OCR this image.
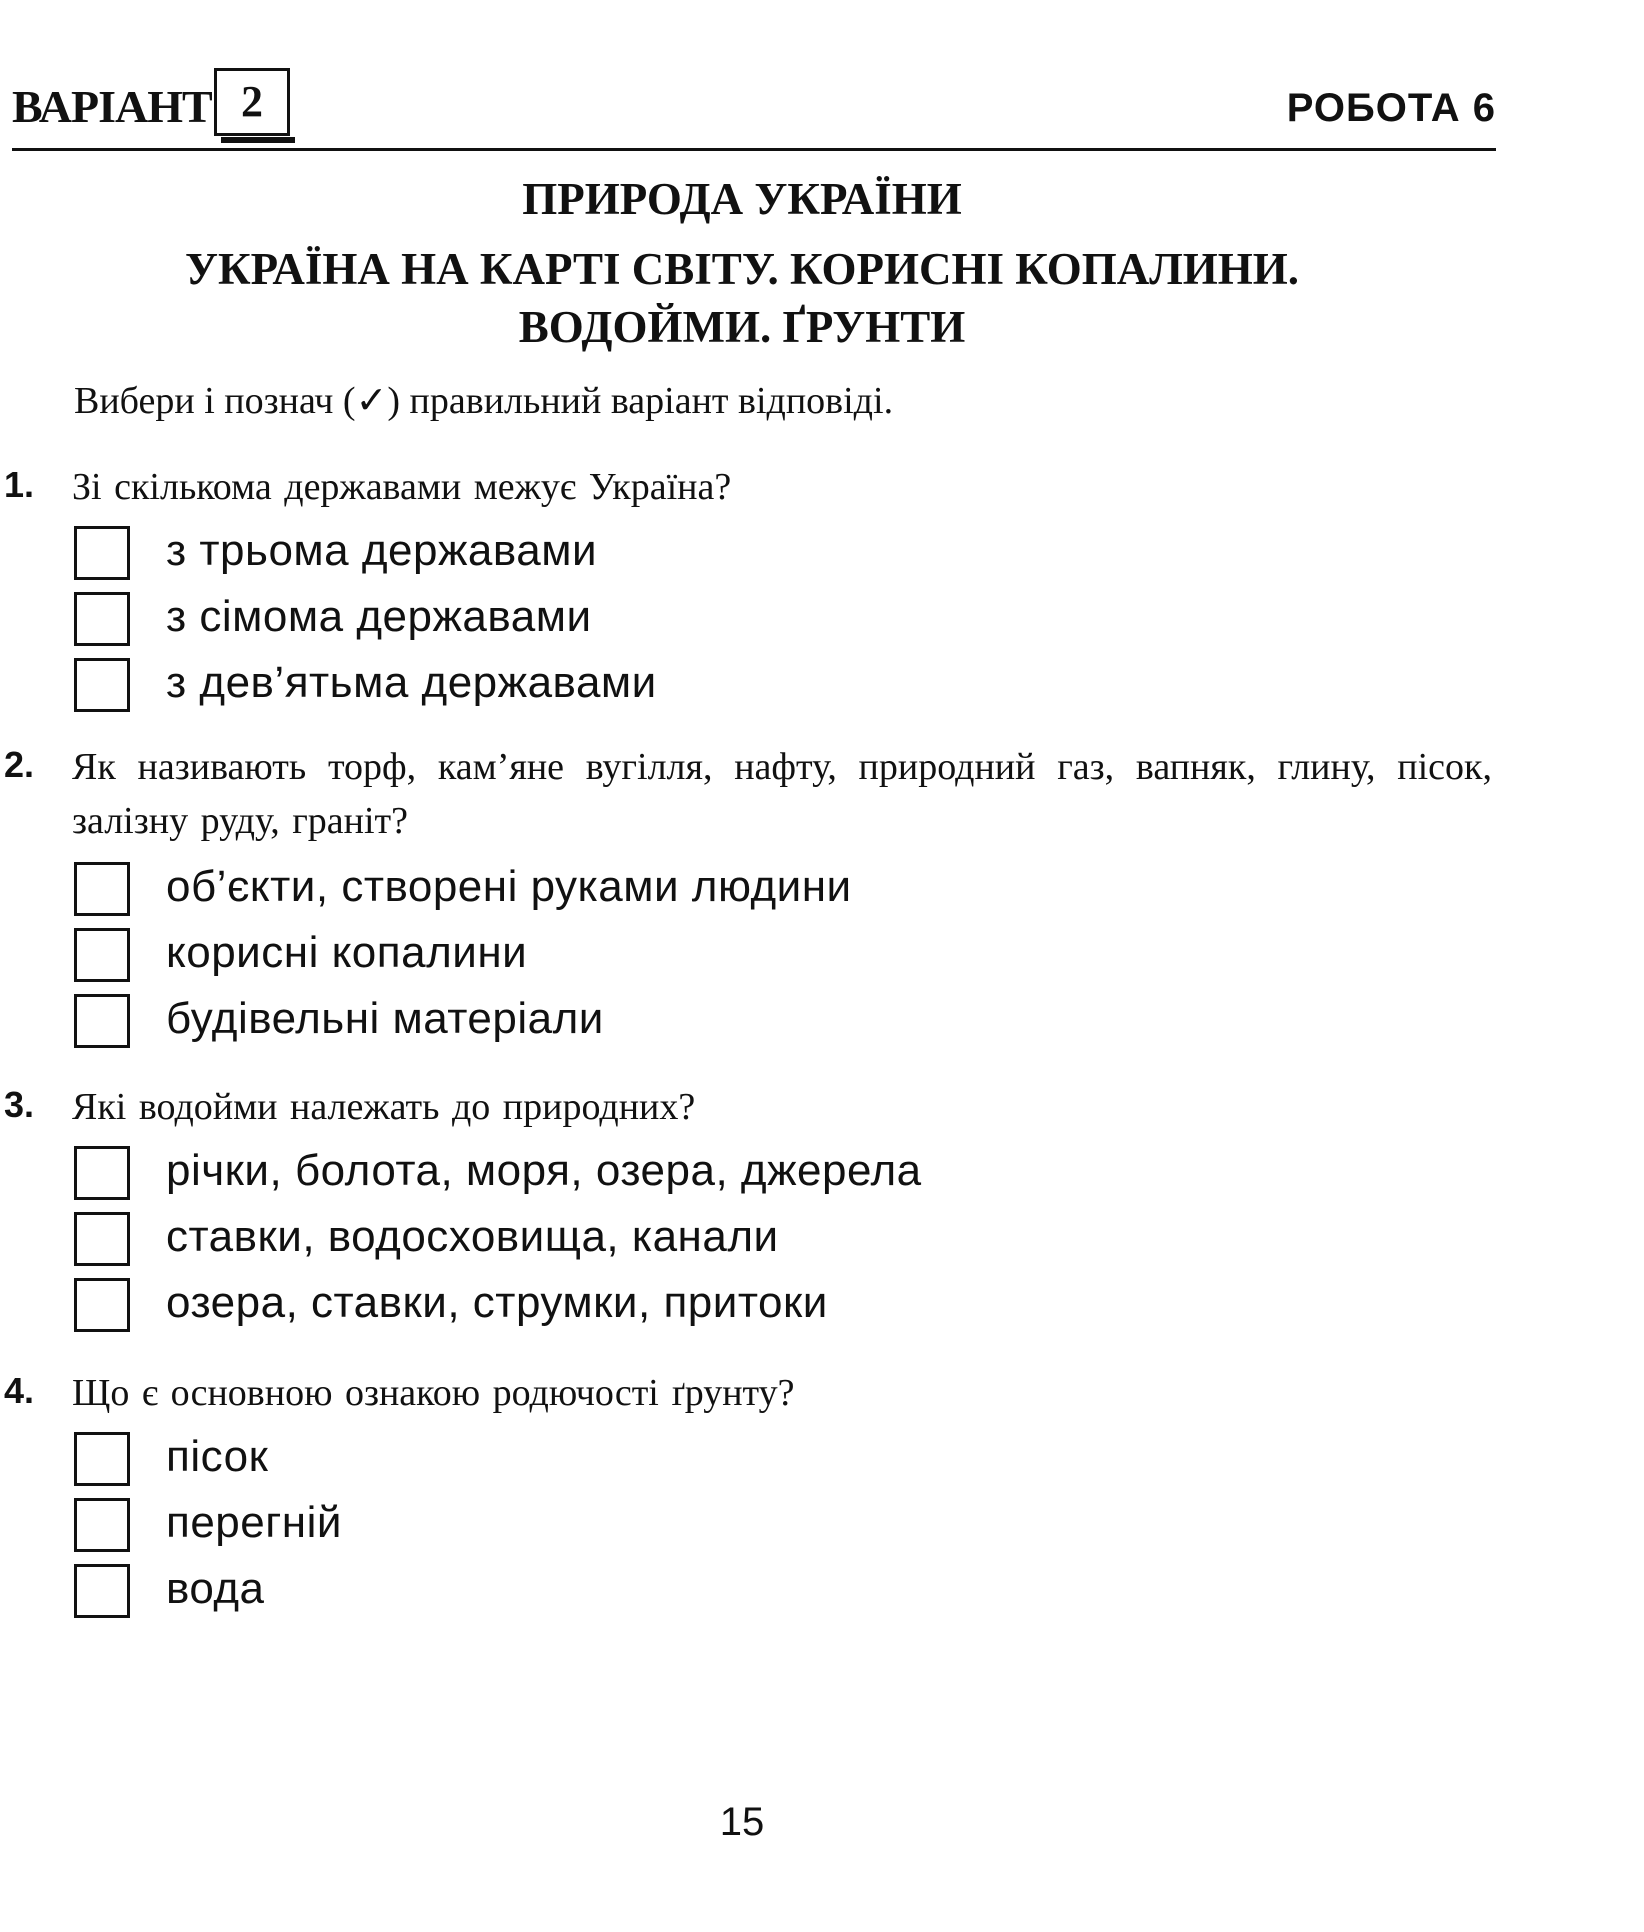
ВАРІАНТ 2	РОБОТА 6
ПРИРОДА УКРАЇНИ
УКРАЇНА НА КАРТІ СВІТУ. КОРИСНІ КОПАЛИНИ.
ВОДОЙМИ. ҐРУНТИ
Вибери і познач (✓) правильний варіант відповіді.
1. Зі скількома державами межує Україна?
з трьома державами
з сімома державами
з дев’ятьма державами
2. Як називають торф, кам’яне вугілля, нафту, природний газ, вапняк, глину, пісок, залізну руду, граніт?
об’єкти, створені руками людини
корисні копалини
будівельні матеріали
3. Які водойми належать до природних?
річки, болота, моря, озера, джерела
ставки, водосховища, канали
озера, ставки, струмки, притоки
4. Що є основною ознакою родючості ґрунту?
пісок
перегній
вода
15
